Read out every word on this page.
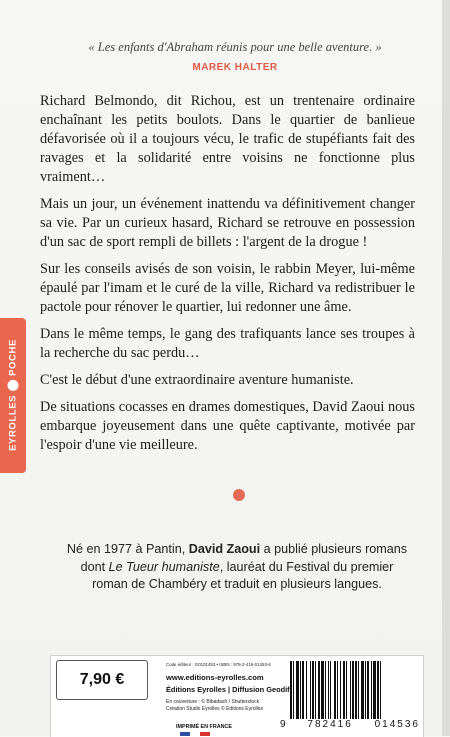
« Les enfants d'Abraham réunis pour une belle aventure. »
MAREK HALTER

Richard Belmondo, dit Richou, est un trentenaire ordinaire enchaînant les petits boulots. Dans le quartier de banlieue défavorisée où il a toujours vécu, le trafic de stupéfiants fait des ravages et la solidarité entre voisins ne fonctionne plus vraiment…

Mais un jour, un événement inattendu va définitivement changer sa vie. Par un curieux hasard, Richard se retrouve en possession d'un sac de sport rempli de billets : l'argent de la drogue !

Sur les conseils avisés de son voisin, le rabbin Meyer, lui-même épaulé par l'imam et le curé de la ville, Richard va redistribuer le pactole pour rénover le quartier, lui redonner une âme.

Dans le même temps, le gang des trafiquants lance ses troupes à la recherche du sac perdu…

C'est le début d'une extraordinaire aventure humaniste.

De situations cocasses en drames domestiques, David Zaoui nous embarque joyeusement dans une quête captivante, motivée par l'espoir d'une vie meilleure.

Né en 1977 à Pantin, David Zaoui a publié plusieurs romans dont Le Tueur humaniste, lauréat du Festival du premier roman de Chambéry et traduit en plusieurs langues.
EYROLLES
POCHE
7,90 €
Code éditeur : G0101453 • ISBN : 978-2-416-01453-6
www.editions-eyrolles.com
Éditions Eyrolles | Diffusion Geodif
En couverture : © Bibadash / Shutterstock
Création Studio Eyrolles © Éditions Eyrolles
IMPRIMÉ EN FRANCE	9 782416 014536
